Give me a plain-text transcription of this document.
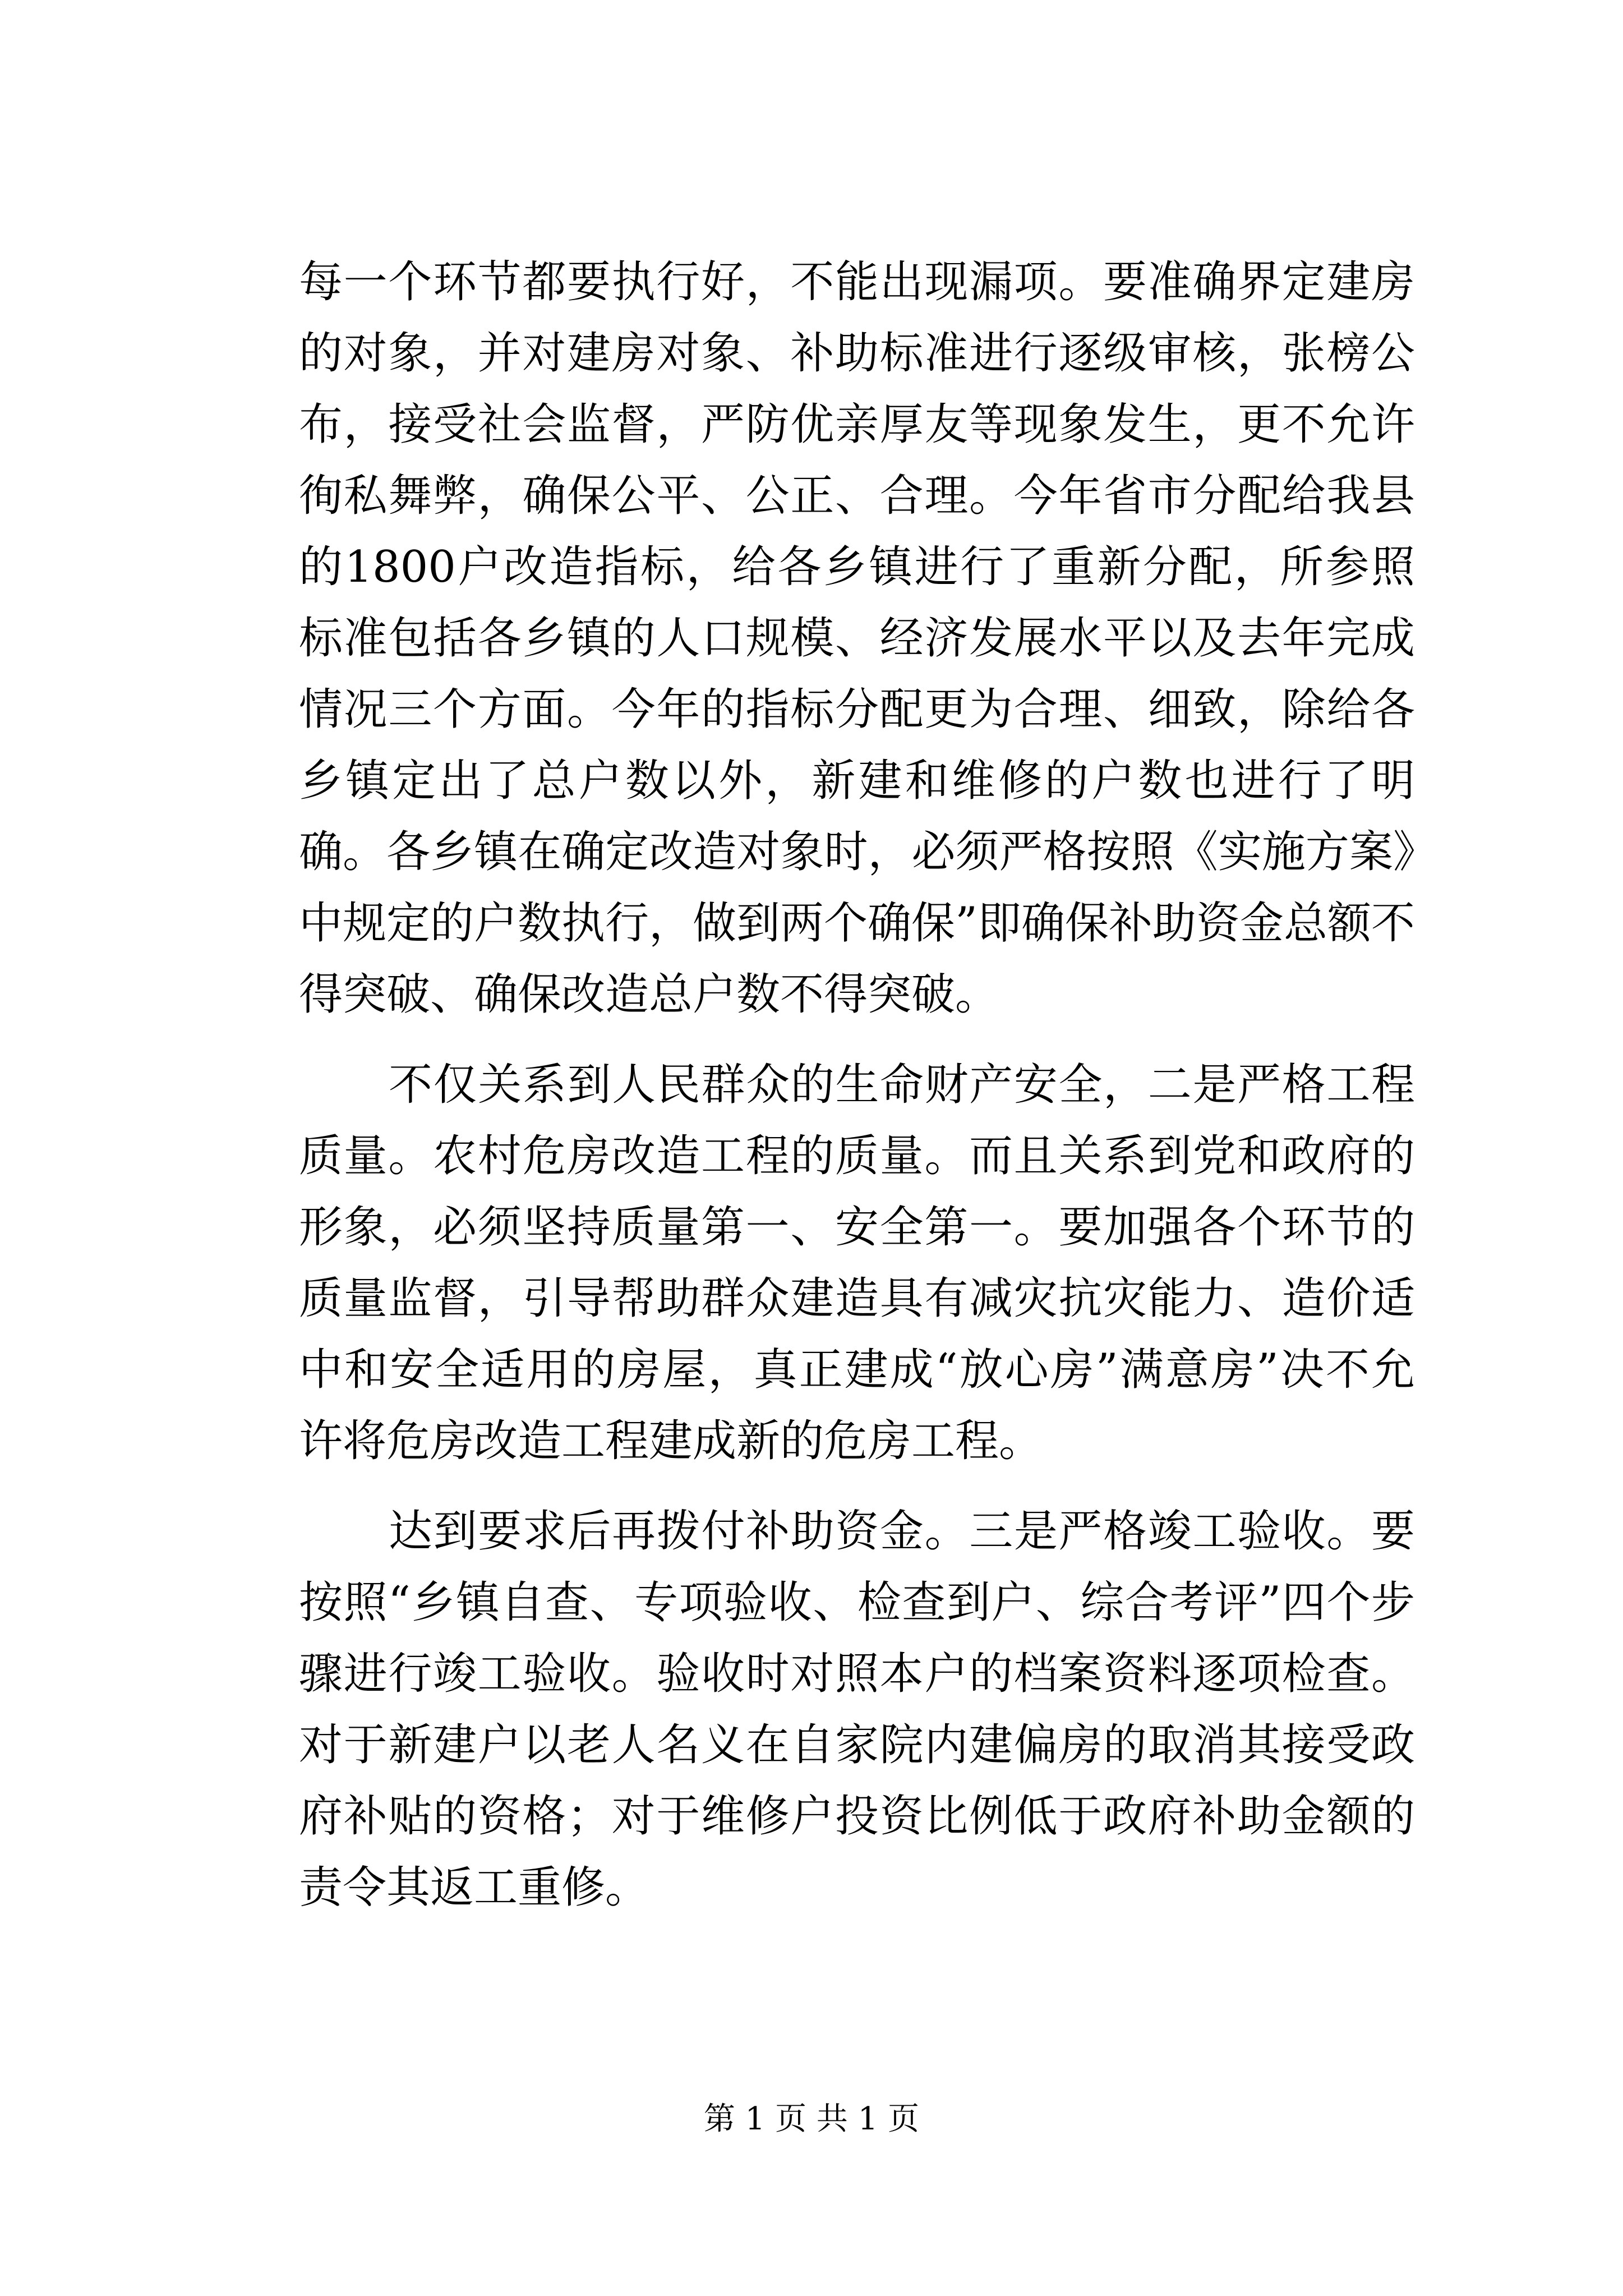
每一个环节都要执行好，不能出现漏项。要准确界定建房的对象，并对建房对象、补助标准进行逐级审核，张榜公布，接受社会监督，严防优亲厚友等现象发生，更不允许徇私舞弊，确保公平、公正、合理。今年省市分配给我县的1800户改造指标，给各乡镇进行了重新分配，所参照标准包括各乡镇的人口规模、经济发展水平以及去年完成情况三个方面。今年的指标分配更为合理、细致，除给各乡镇定出了总户数以外，新建和维修的户数也进行了明确。各乡镇在确定改造对象时，必须严格按照《实施方案》中规定的户数执行，做到两个确保”即确保补助资金总额不得突破、确保改造总户数不得突破。

不仅关系到人民群众的生命财产安全，二是严格工程质量。农村危房改造工程的质量。而且关系到党和政府的形象，必须坚持质量第一、安全第一。要加强各个环节的质量监督，引导帮助群众建造具有减灾抗灾能力、造价适中和安全适用的房屋，真正建成“放心房”满意房”决不允许将危房改造工程建成新的危房工程。

达到要求后再拨付补助资金。三是严格竣工验收。要按照“乡镇自查、专项验收、检查到户、综合考评”四个步骤进行竣工验收。验收时对照本户的档案资料逐项检查。对于新建户以老人名义在自家院内建偏房的取消其接受政府补贴的资格；对于维修户投资比例低于政府补助金额的责令其返工重修。

第 1 页 共 1 页
